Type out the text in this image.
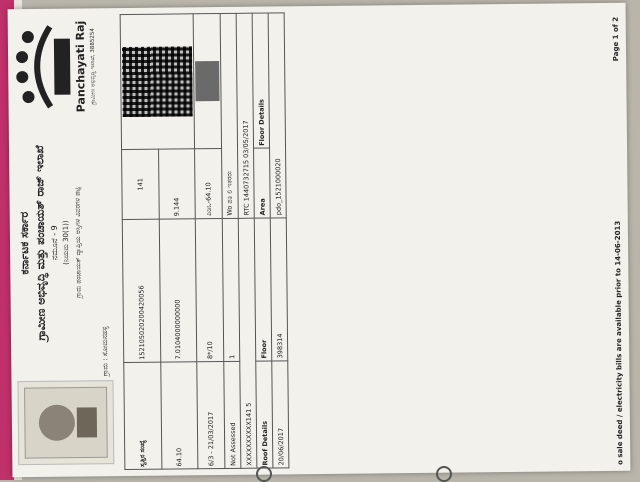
ಕರ್ನಾಟಕ ಸರ್ಕಾರ ಗ್ರಾಮೀಣ ಅಭಿವೃದ್ಧಿ ಮತ್ತು ಪಂಚಾಯತ್ ರಾಜ್ ಇಲಾಖೆ ನಮೂನೆ - 9 (ನಿಯಮ 30(1)) ಗ್ರಾಮ ಪಂಚಾಯತ್ ವ್ಯಾಪ್ತಿಯ ಆಸ್ತಿಗಳ ವಿವರಗಳ ಪಟ್ಟಿ
ಗ್ರಾಮ : ಸೋಮನಹಳ್ಳಿ
Panchayati Raj ಗ್ರಾಮೀಣ ಅಭಿವೃದ್ಧಿ ಇಲಾಖೆ, 3885254
ಸ್ವತ್ತಿನ ಸಂಖ್ಯೆ	152105020200420056	141	

64.10	7.0104000000000	9.144	
6/3 - 21/03/2017	8*/10	ಪಿಡಿಒ-64.10	

Not Assessed	1	Wo ಪತಿ ಲಿ ಇತರರು	
XXXXXXXXXX141 5		RTC 1440732715 03/05/2017	
Roof Details	Floor	Area	Floor Details
20/06/2017	398314	pdo_1521000020	
o sale deed / electricity bills are available prior to 14-06-2013
Page 1 of 2
